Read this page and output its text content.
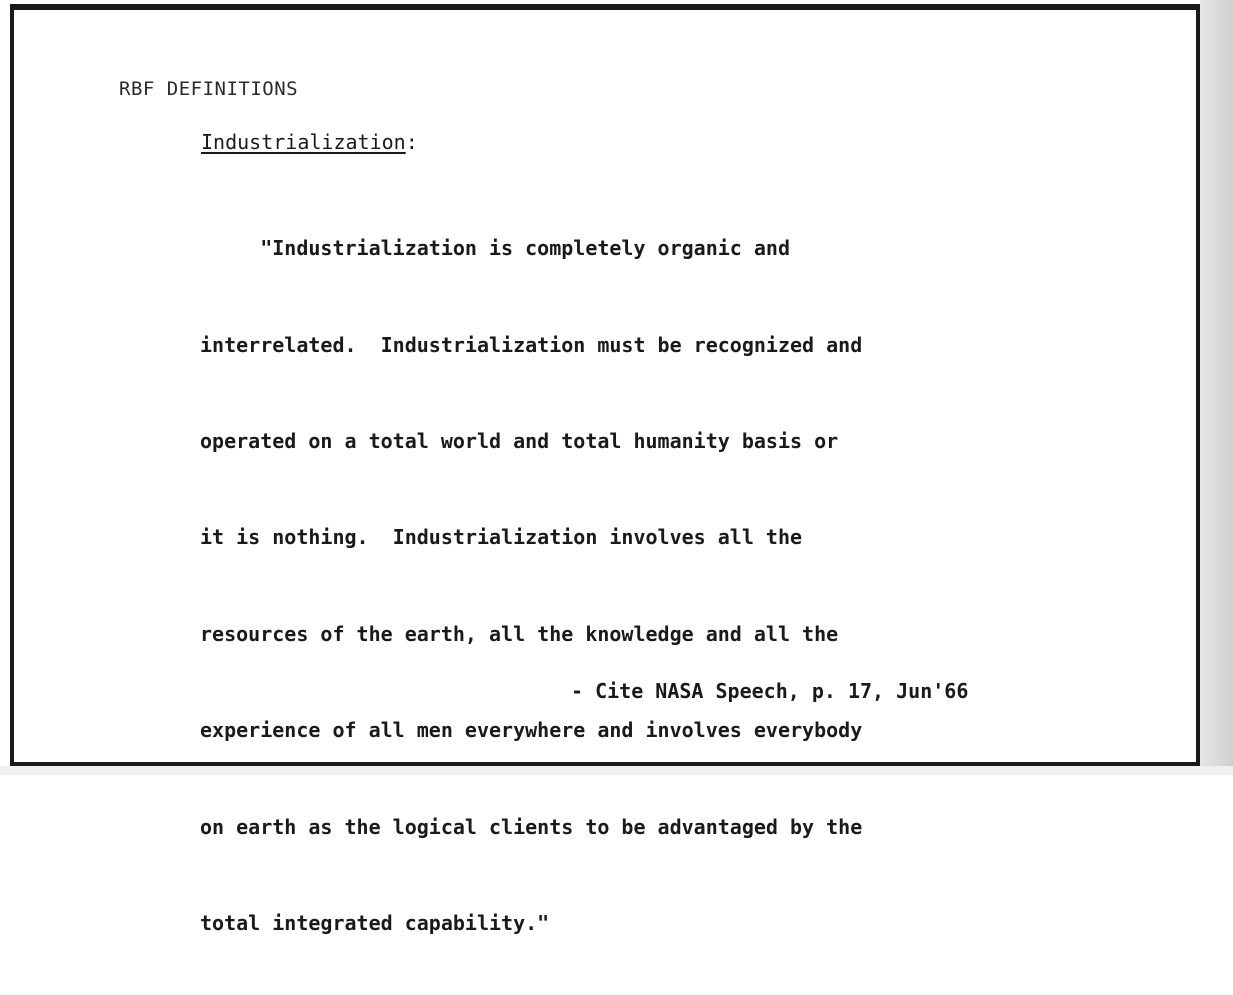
RBF DEFINITIONS
Industrialization:

"Industrialization is completely organic and

interrelated.  Industrialization must be recognized and

operated on a total world and total humanity basis or

it is nothing.  Industrialization involves all the

resources of the earth, all the knowledge and all the

experience of all men everywhere and involves everybody

on earth as the logical clients to be advantaged by the

total integrated capability."

- Cite NASA Speech, p. 17, Jun'66
